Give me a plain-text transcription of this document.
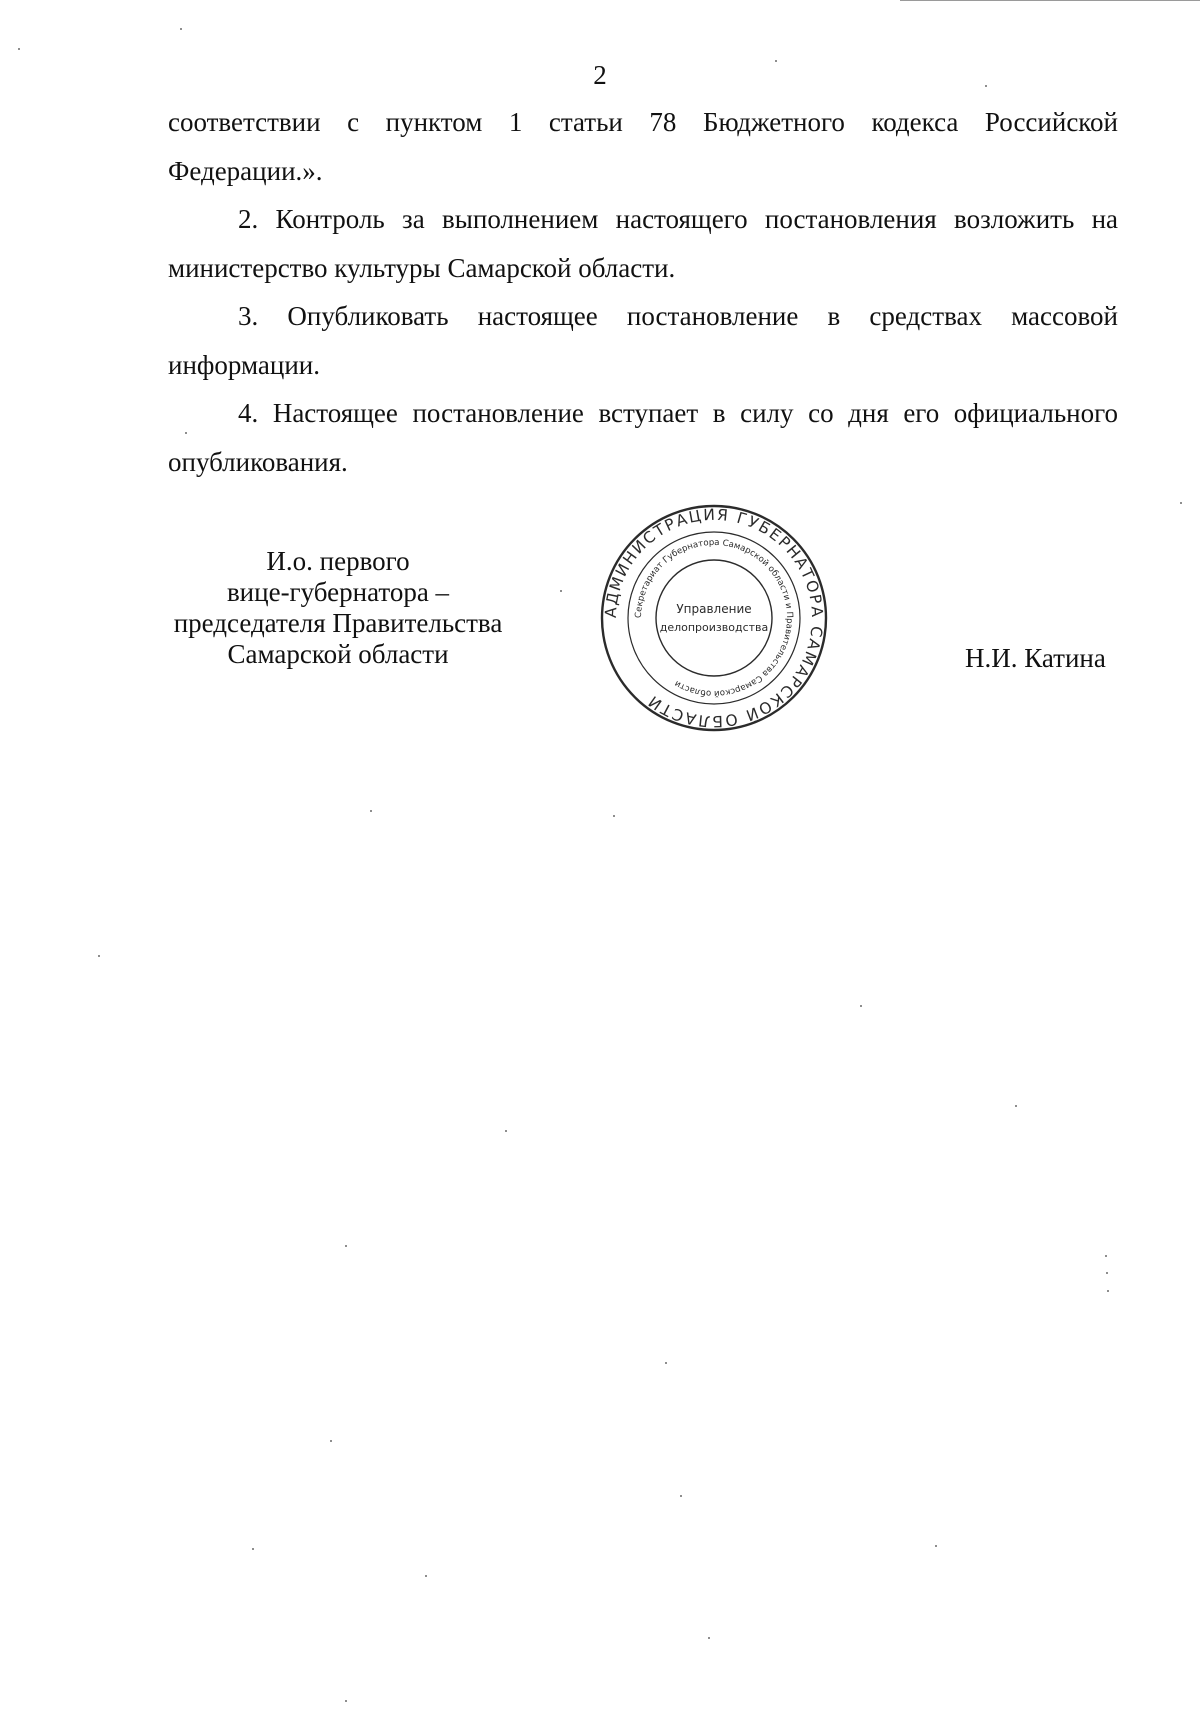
2

соответствии с пунктом 1 статьи 78 Бюджетного кодекса Российской Федерации.».

2. Контроль за выполнением настоящего постановления возложить на министерство культуры Самарской области.

3. Опубликовать настоящее постановление в средствах массовой информации.

4. Настоящее постановление вступает в силу со дня его официального опубликования.

И.о. первого
вице-губернатора –
председателя Правительства
Самарской области
АДМИНИСТРАЦИЯ ГУБЕРНАТОРА САМАРСКОЙ ОБЛАСТИ
Секретариат Губернатора Самарской области и Правительства Самарской области
Управление
делопроизводства
Н.И. Катина
